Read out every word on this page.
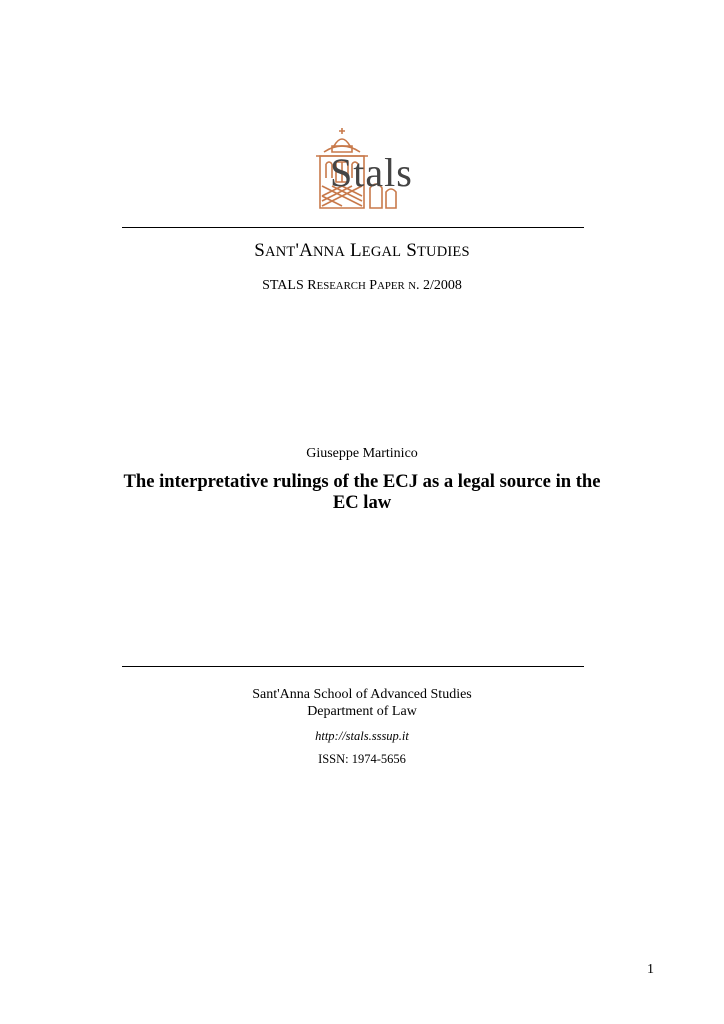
Stals
SANT'ANNA LEGAL STUDIES
STALS RESEARCH PAPER N. 2/2008
Giuseppe Martinico
The interpretative rulings of the ECJ as a legal source in the EC law
Sant'Anna School of Advanced Studies
Department of Law
http://stals.sssup.it
ISSN: 1974-5656
1
